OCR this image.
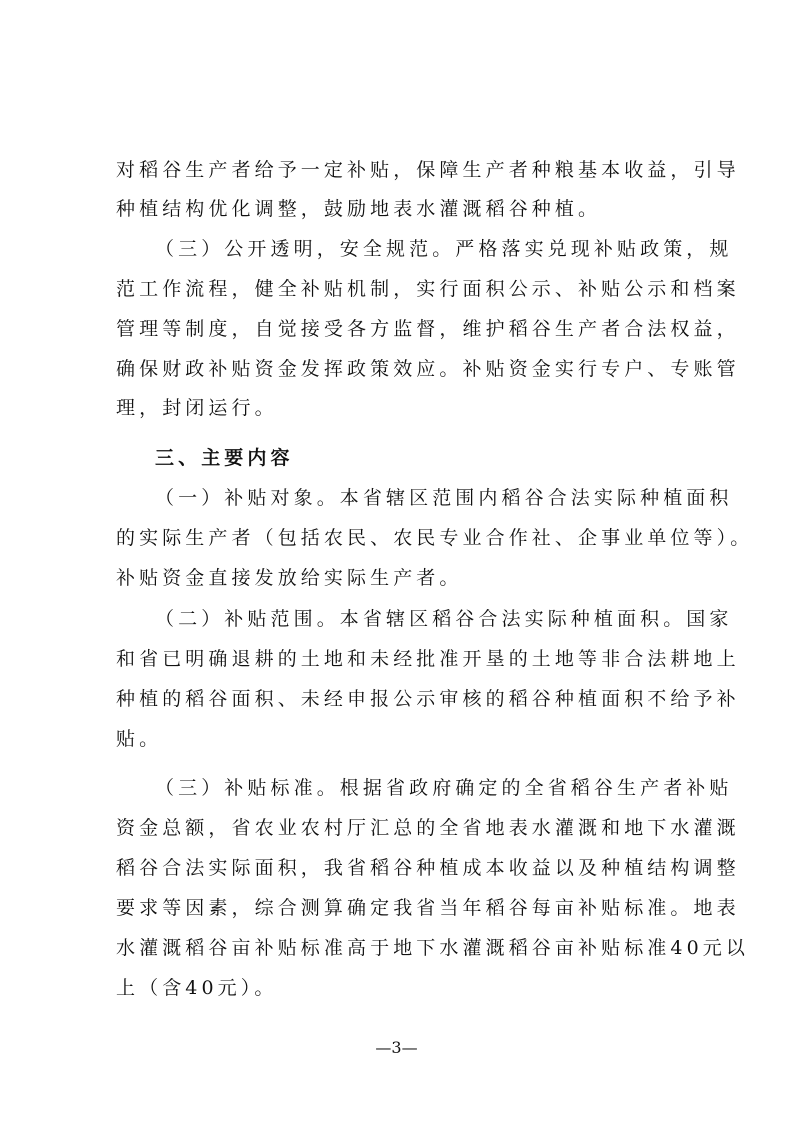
对稻谷生产者给予一定补贴，保障生产者种粮基本收益，引导
种植结构优化调整，鼓励地表水灌溉稻谷种植。
（三）公开透明，安全规范。严格落实兑现补贴政策，规
范工作流程，健全补贴机制，实行面积公示、补贴公示和档案
管理等制度，自觉接受各方监督，维护稻谷生产者合法权益，
确保财政补贴资金发挥政策效应。补贴资金实行专户、专账管
理，封闭运行。
三、主要内容
（一）补贴对象。本省辖区范围内稻谷合法实际种植面积
的实际生产者（包括农民、农民专业合作社、企事业单位等）。
补贴资金直接发放给实际生产者。
（二）补贴范围。本省辖区稻谷合法实际种植面积。国家
和省已明确退耕的土地和未经批准开垦的土地等非合法耕地上
种植的稻谷面积、未经申报公示审核的稻谷种植面积不给予补
贴。
（三）补贴标准。根据省政府确定的全省稻谷生产者补贴
资金总额，省农业农村厅汇总的全省地表水灌溉和地下水灌溉
稻谷合法实际面积，我省稻谷种植成本收益以及种植结构调整
要求等因素，综合测算确定我省当年稻谷每亩补贴标准。地表
水灌溉稻谷亩补贴标准高于地下水灌溉稻谷亩补贴标准40元以
上（含40元）。
—3—
